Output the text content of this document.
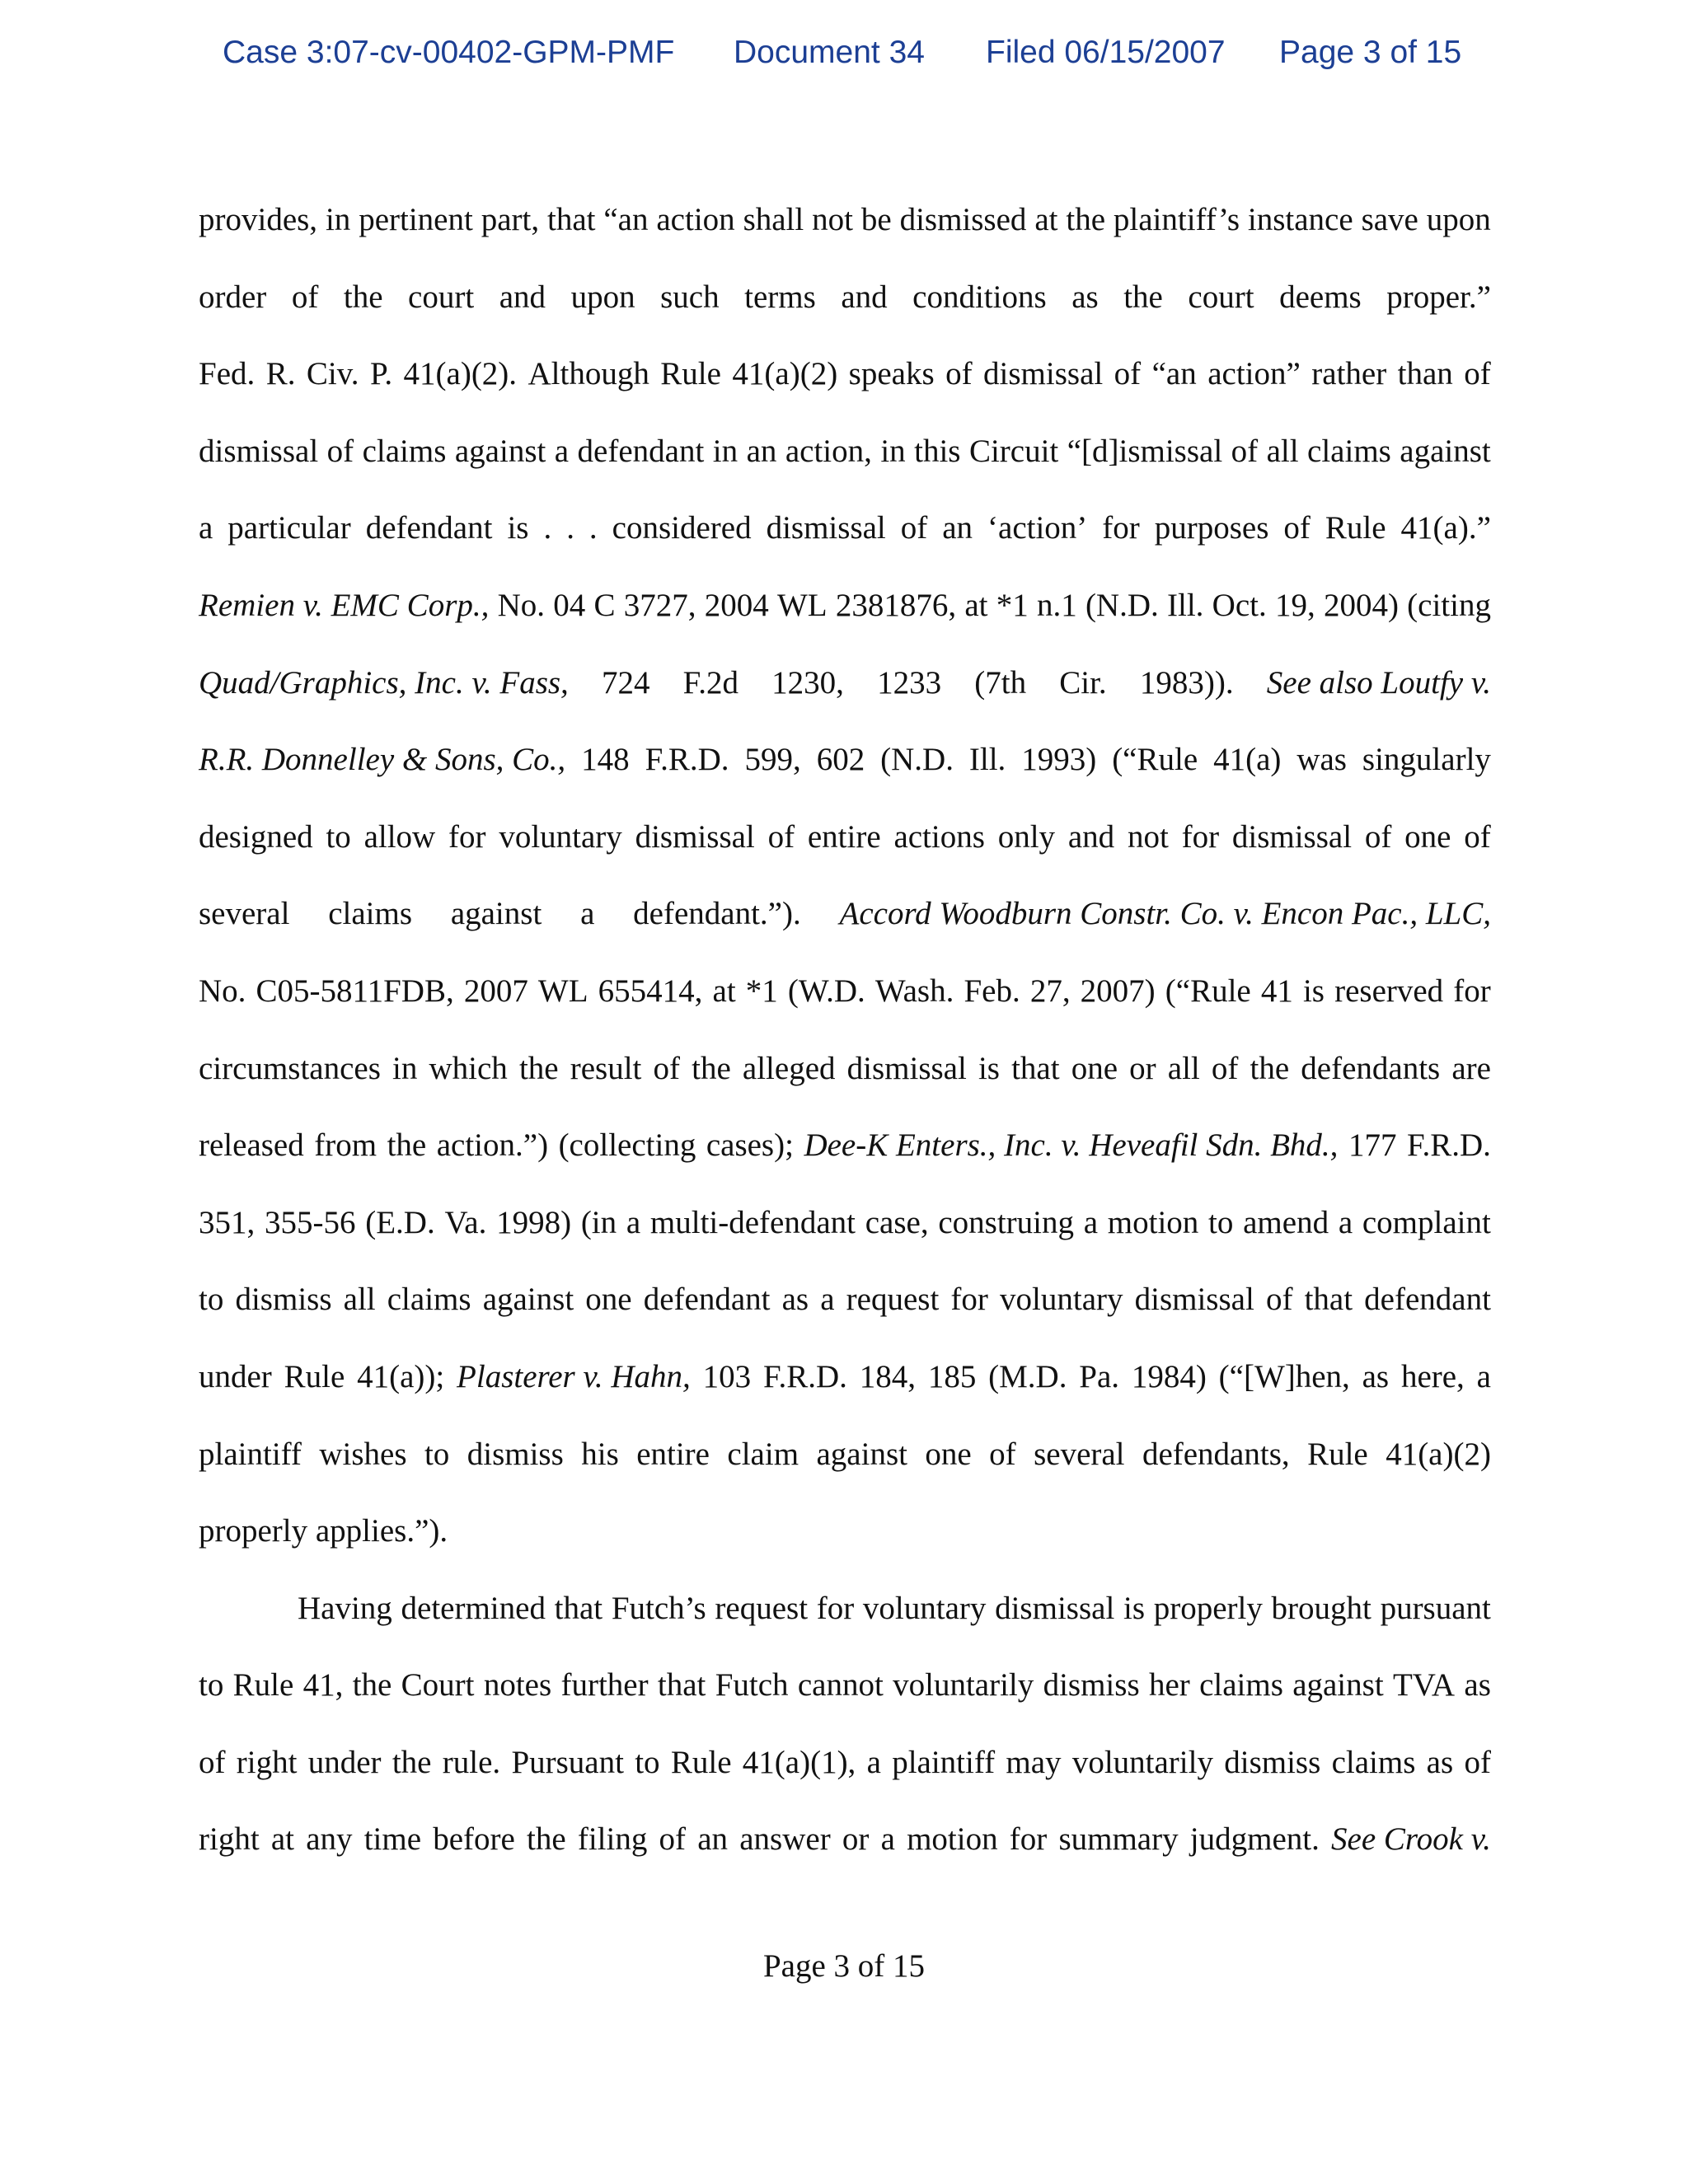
Case 3:07-cv-00402-GPM-PMF Document 34 Filed 06/15/2007 Page 3 of 15
provides, in pertinent part, that “an action shall not be dismissed at the plaintiff’s instance save upon
order of the court and upon such terms and conditions as the court deems proper.”
Fed. R. Civ. P. 41(a)(2). Although Rule 41(a)(2) speaks of dismissal of “an action” rather than of
dismissal of claims against a defendant in an action, in this Circuit “[d]ismissal of all claims against
a particular defendant is . . . considered dismissal of an ‘action’ for purposes of Rule 41(a).”
Remien v. EMC Corp., No. 04 C 3727, 2004 WL 2381876, at *1 n.1 (N.D. Ill. Oct. 19, 2004) (citing
Quad/Graphics, Inc. v. Fass, 724 F.2d 1230, 1233 (7th Cir. 1983)). See also Loutfy v.
R.R. Donnelley & Sons, Co., 148 F.R.D. 599, 602 (N.D. Ill. 1993) (“Rule 41(a) was singularly
designed to allow for voluntary dismissal of entire actions only and not for dismissal of one of
several claims against a defendant.”). Accord Woodburn Constr. Co. v. Encon Pac., LLC,
No. C05-5811FDB, 2007 WL 655414, at *1 (W.D. Wash. Feb. 27, 2007) (“Rule 41 is reserved for
circumstances in which the result of the alleged dismissal is that one or all of the defendants are
released from the action.”) (collecting cases); Dee-K Enters., Inc. v. Heveafil Sdn. Bhd., 177 F.R.D.
351, 355-56 (E.D. Va. 1998) (in a multi-defendant case, construing a motion to amend a complaint
to dismiss all claims against one defendant as a request for voluntary dismissal of that defendant
under Rule 41(a)); Plasterer v. Hahn, 103 F.R.D. 184, 185 (M.D. Pa. 1984) (“[W]hen, as here, a
plaintiff wishes to dismiss his entire claim against one of several defendants, Rule 41(a)(2)
properly applies.”).
Having determined that Futch’s request for voluntary dismissal is properly brought pursuant
to Rule 41, the Court notes further that Futch cannot voluntarily dismiss her claims against TVA as
of right under the rule. Pursuant to Rule 41(a)(1), a plaintiff may voluntarily dismiss claims as of
right at any time before the filing of an answer or a motion for summary judgment. See Crook v.
Page 3 of 15
